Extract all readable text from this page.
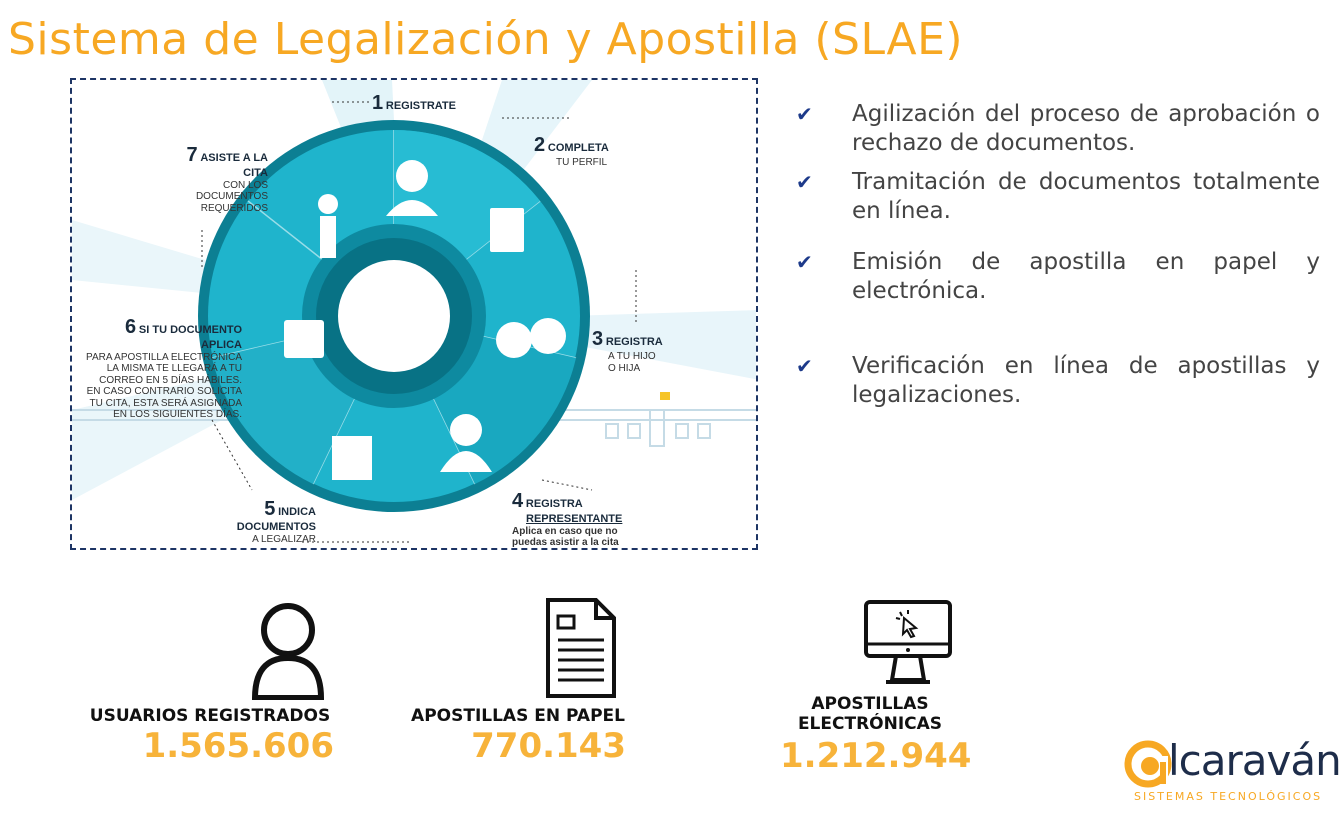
Sistema de Legalización y Apostilla (SLAE)
1 REGISTRATE
2 COMPLETA
TU PERFIL
7 ASISTE A LA CITA
CON LOS
DOCUMENTOS
REQUERIDOS
3 REGISTRA
A TU HIJO
O HIJA
6 SI TU DOCUMENTO APLICA
PARA APOSTILLA ELECTRÓNICA
LA MISMA TE LLEGARÁ A TU
CORREO EN 5 DÍAS HÁBILES.
EN CASO CONTRARIO SOLICITA
TU CITA, ESTA SERÁ ASIGNADA
EN LOS SIGUIENTES DÍAS.
5 INDICA DOCUMENTOS
A LEGALIZAR
4 REGISTRA
REPRESENTANTE
Aplica en caso que no
puedas asistir a la cita
✔ Agilización del proceso de aprobación o rechazo de documentos.
✔ Tramitación de documentos totalmente en línea.
✔ Emisión de apostilla en papel y electrónica.
✔ Verificación en línea de apostillas y legalizaciones.
USUARIOS REGISTRADOS
1.565.606
APOSTILLAS EN PAPEL
770.143
APOSTILLAS
ELECTRÓNICAS
1.212.944	lcaraván
SISTEMAS TECNOLÓGICOS
